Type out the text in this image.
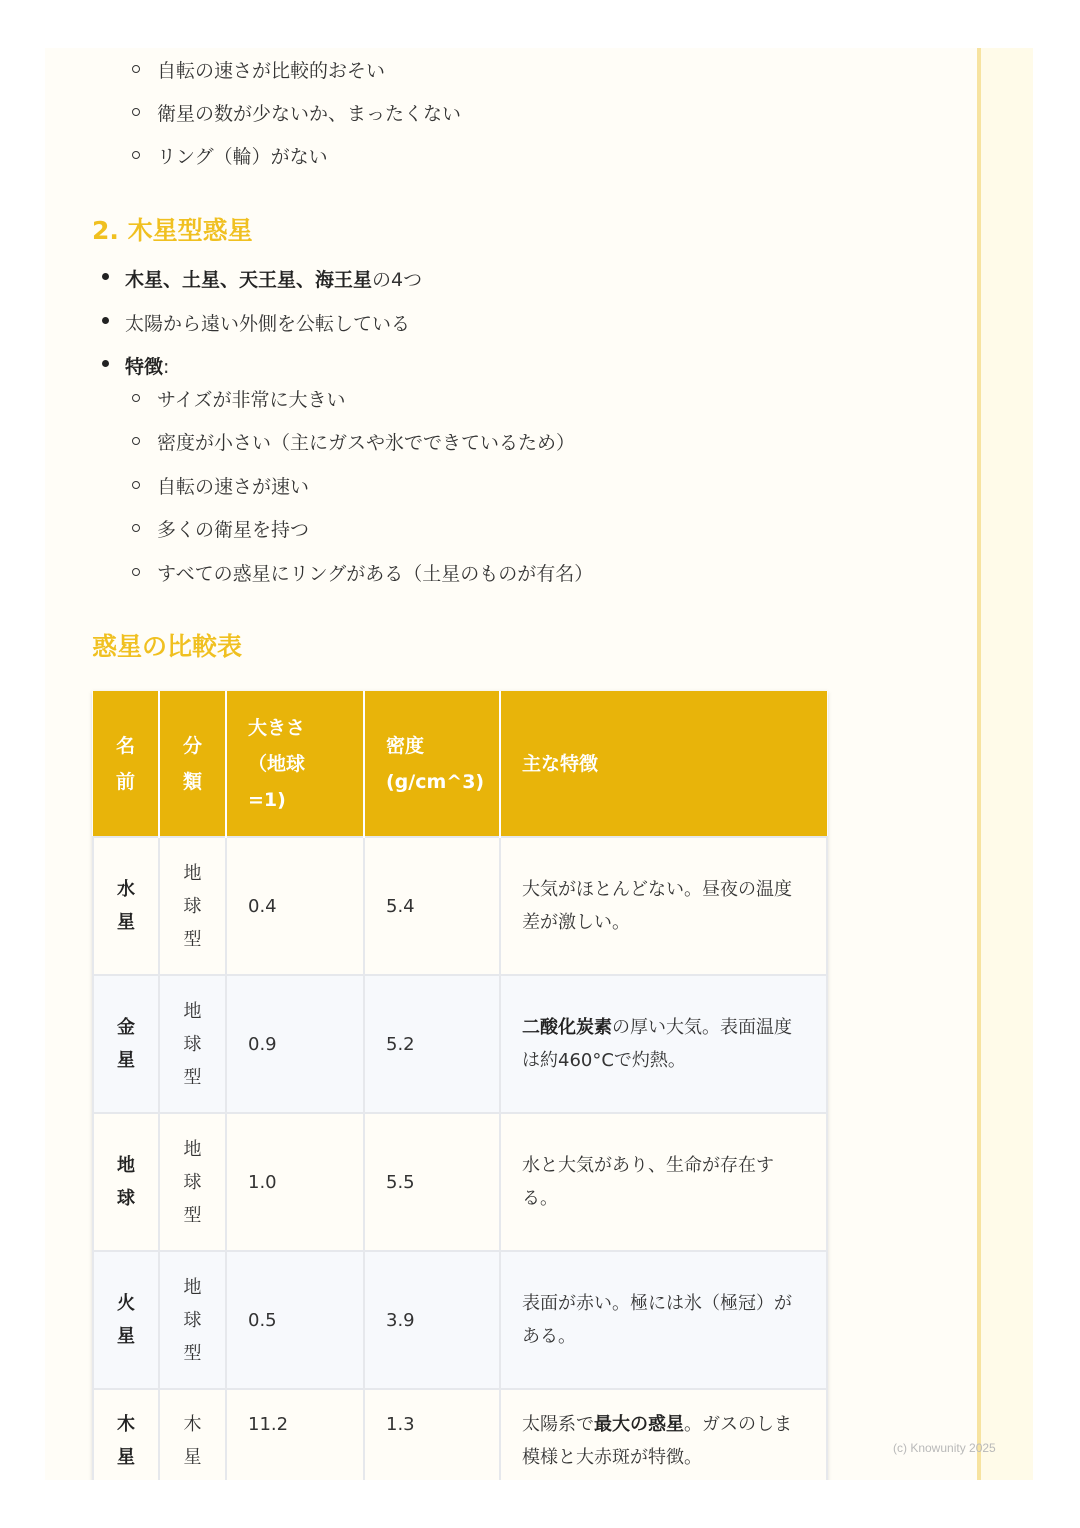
自転の速さが比較的おそい
衛星の数が少ないか、まったくない
リング（輪）がない
2. 木星型惑星
木星、土星、天王星、海王星の4つ
太陽から遠い外側を公転している
特徴:
サイズが非常に大きい
密度が小さい（主にガスや氷でできているため）
自転の速さが速い
多くの衛星を持つ
すべての惑星にリングがある（土星のものが有名）
惑星の比較表
名前	分類	大きさ（地球=1)	密度 (g/cm^3)	主な特徴
水星	地球型	0.4	5.4	大気がほとんどない。昼夜の温度差が激しい。
金星	地球型	0.9	5.2	二酸化炭素の厚い大気。表面温度は約460°Cで灼熱。
地球	地球型	1.0	5.5	水と大気があり、生命が存在する。
火星	地球型	0.5	3.9	表面が赤い。極には氷（極冠）がある。
木星	木星	11.2	1.3	太陽系で最大の惑星。ガスのしま模様と大赤斑が特徴。	(c) Knowunity 2025
